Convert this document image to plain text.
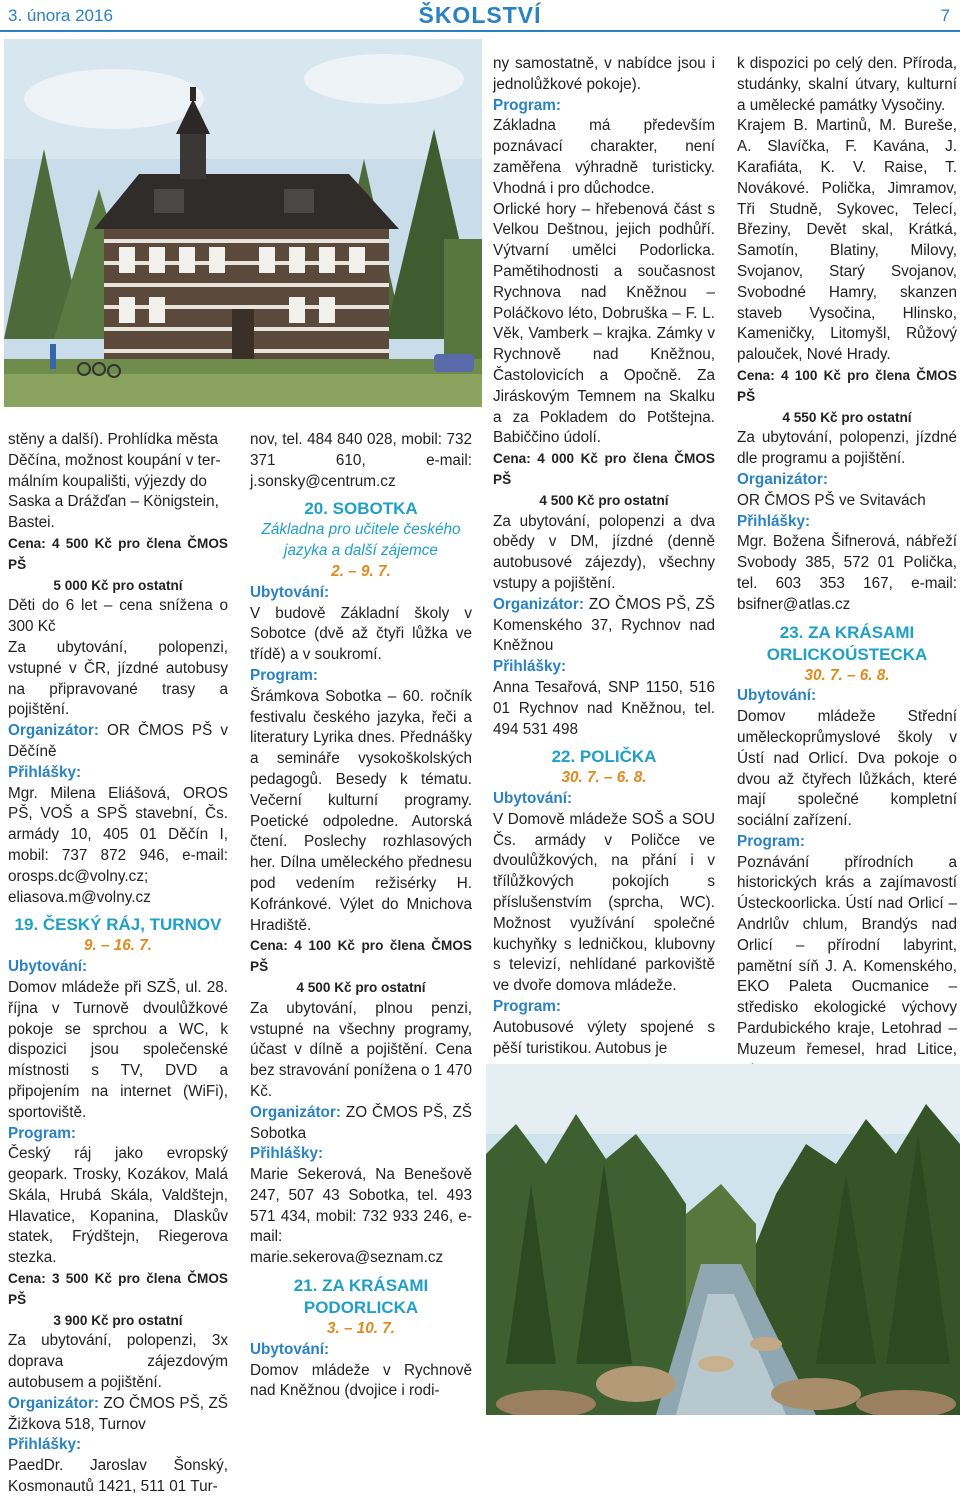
3. února 2016	ŠKOLSTVÍ	7

stěny a další). Prohlídka města

Děčína, možnost koupání v ter-

málním koupališti, výjezdy do

Saska a Drážďan – Königstein,

Bastei.

Cena: 4 500 Kč pro člena ČMOS PŠ

5 000 Kč pro ostatní

Děti do 6 let – cena snížena o 300 Kč

Za ubytování, polopenzi, vstupné v ČR, jízdné autobusy na připravované trasy a pojištění.

Organizátor: OR ČMOS PŠ v Děčíně

Přihlášky:

Mgr. Milena Eliášová, OROS PŠ, VOŠ a SPŠ stavební, Čs. armády 10, 405 01 Děčín I, mobil: 737 872 946, e-mail: orosps.dc@volny.cz; eliasova.m@volny.cz

19. ČESKÝ RÁJ, TURNOV

9. – 16. 7.

Ubytování:

Domov mládeže při SZŠ, ul. 28. října v Turnově dvoulůžkové pokoje se sprchou a WC, k dispozici jsou společenské místnosti s TV, DVD a připojením na internet (WiFi), sportoviště.

Program:

Český ráj jako evropský geopark. Trosky, Kozákov, Malá Skála, Hrubá Skála, Valdštejn, Hlavatice, Kopanina, Dlaskův statek, Frýdštejn, Riegerova stezka.

Cena: 3 500 Kč pro člena ČMOS PŠ

3 900 Kč pro ostatní

Za ubytování, polopenzi, 3x doprava zájezdovým autobusem a pojištění.

Organizátor: ZO ČMOS PŠ, ZŠ Žižkova 518, Turnov

Přihlášky:

PaedDr. Jaroslav Šonský, Kosmonautů 1421, 511 01 Tur-

nov, tel. 484 840 028, mobil: 732 371 610, e-mail: j.sonsky@centrum.cz

20. SOBOTKA

Základna pro učitele českého jazyka a další zájemce

2. – 9. 7.

Ubytování:

V budově Základní školy v Sobotce (dvě až čtyři lůžka ve třídě) a v soukromí.

Program:

Šrámkova Sobotka – 60. ročník festivalu českého jazyka, řeči a literatury Lyrika dnes. Přednášky a semináře vysokoškolských pedagogů. Besedy k tématu. Večerní kulturní programy. Poetické odpoledne. Autorská čtení. Poslechy rozhlasových her. Dílna uměleckého přednesu pod vedením režisérky H. Kofránkové. Výlet do Mnichova Hradiště.

Cena: 4 100 Kč pro člena ČMOS PŠ

4 500 Kč pro ostatní

Za ubytování, plnou penzi, vstupné na všechny programy, účast v dílně a pojištění. Cena bez stravování ponížena o 1 470 Kč.

Organizátor: ZO ČMOS PŠ, ZŠ Sobotka

Přihlášky:

Marie Sekerová, Na Benešově 247, 507 43 Sobotka, tel. 493 571 434, mobil: 732 933 246, e-mail: marie.sekerova@seznam.cz

21. ZA KRÁSAMI

PODORLICKA

3. – 10. 7.

Ubytování:

Domov mládeže v Rychnově nad Kněžnou (dvojice i rodi-

ny samostatně, v nabídce jsou i jednolůžkové pokoje).

Program:

Základna má především poznávací charakter, není zaměřena výhradně turisticky. Vhodná i pro důchodce.

Orlické hory – hřebenová část s Velkou Deštnou, jejich podhůří. Výtvarní umělci Podorlicka. Pamětihodnosti a současnost Rychnova nad Kněžnou – Poláčkovo léto, Dobruška – F. L. Věk, Vamberk – krajka. Zámky v Rychnově nad Kněžnou, Častolovicích a Opočně. Za Jiráskovým Temnem na Skalku a za Pokladem do Potštejna. Babiččino údolí.

Cena: 4 000 Kč pro člena ČMOS PŠ

4 500 Kč pro ostatní

Za ubytování, polopenzi a dva obědy v DM, jízdné (denně autobusové zájezdy), všechny vstupy a pojištění.

Organizátor: ZO ČMOS PŠ, ZŠ Komenského 37, Rychnov nad Kněžnou

Přihlášky:

Anna Tesařová, SNP 1150, 516 01 Rychnov nad Kněžnou, tel. 494 531 498

22. POLIČKA

30. 7. – 6. 8.

Ubytování:

V Domově mládeže SOŠ a SOU Čs. armády v Poličce ve dvoulůžkových, na přání i v třílůžkových pokojích s příslušenstvím (sprcha, WC). Možnost využívání společné kuchyňky s ledničkou, klubovny s televizí, nehlídané parkoviště ve dvoře domova mládeže.

Program:

Autobusové výlety spojené s pěší turistikou. Autobus je

k dispozici po celý den. Příroda, studánky, skalní útvary, kulturní a umělecké památky Vysočiny.

Krajem B. Martinů, M. Bureše, A. Slavíčka, F. Kavána, J. Karafiáta, K. V. Raise, T. Novákové. Polička, Jimramov, Tři Studně, Sykovec, Telecí, Březiny, Devět skal, Krátká, Samotín, Blatiny, Milovy, Svojanov, Starý Svojanov, Svobodné Hamry, skanzen staveb Vysočina, Hlinsko, Kameničky, Litomyšl, Růžový palouček, Nové Hrady.

Cena: 4 100 Kč pro člena ČMOS PŠ

4 550 Kč pro ostatní

Za ubytování, polopenzi, jízdné dle programu a pojištění.

Organizátor:

OR ČMOS PŠ ve Svitavách

Přihlášky:

Mgr. Božena Šifnerová, nábřeží Svobody 385, 572 01 Polička, tel. 603 353 167, e-mail: bsifner@atlas.cz

23. ZA KRÁSAMI

ORLICKOÚSTECKA

30. 7. – 6. 8.

Ubytování:

Domov mládeže Střední uměleckoprůmyslové školy v Ústí nad Orlicí. Dva pokoje o dvou až čtyřech lůžkách, které mají společné kompletní sociální zařízení.

Program:

Poznávání přírodních a historických krás a zajímavostí Ústeckoorlicka. Ústí nad Orlicí – Andrlův chlum, Brandýs nad Orlicí – přírodní labyrint, pamětní síň J. A. Komenského, EKO Paleta Oucmanice – středisko ekologické výchovy Pardubického kraje, Letohrad – Muzeum řemesel, hrad Litice,
